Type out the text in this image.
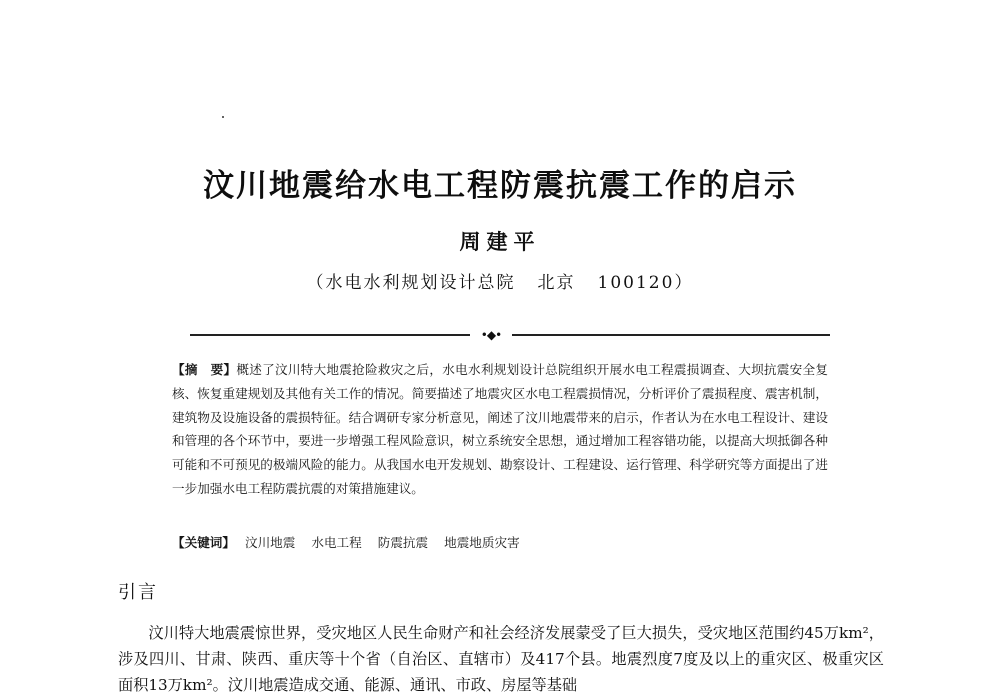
汶川地震给水电工程防震抗震工作的启示
周建平
（水电水利规划设计总院 北京 100120）
•◆•
【摘　要】概述了汶川特大地震抢险救灾之后，水电水利规划设计总院组织开展水电工程震损调查、大坝抗震安全复核、恢复重建规划及其他有关工作的情况。简要描述了地震灾区水电工程震损情况，分析评价了震损程度、震害机制，建筑物及设施设备的震损特征。结合调研专家分析意见，阐述了汶川地震带来的启示，作者认为在水电工程设计、建设和管理的各个环节中，要进一步增强工程风险意识，树立系统安全思想，通过增加工程容错功能，以提高大坝抵御各种可能和不可预见的极端风险的能力。从我国水电开发规划、勘察设计、工程建设、运行管理、科学研究等方面提出了进一步加强水电工程防震抗震的对策措施建议。
【关键词】 汶川地震 水电工程 防震抗震 地震地质灾害
引言
汶川特大地震震惊世界，受灾地区人民生命财产和社会经济发展蒙受了巨大损失，受灾地区范围约45万km²，涉及四川、甘肃、陕西、重庆等十个省（自治区、直辖市）及417个县。地震烈度7度及以上的重灾区、极重灾区面积13万km²。汶川地震造成交通、能源、通讯、市政、房屋等基础
